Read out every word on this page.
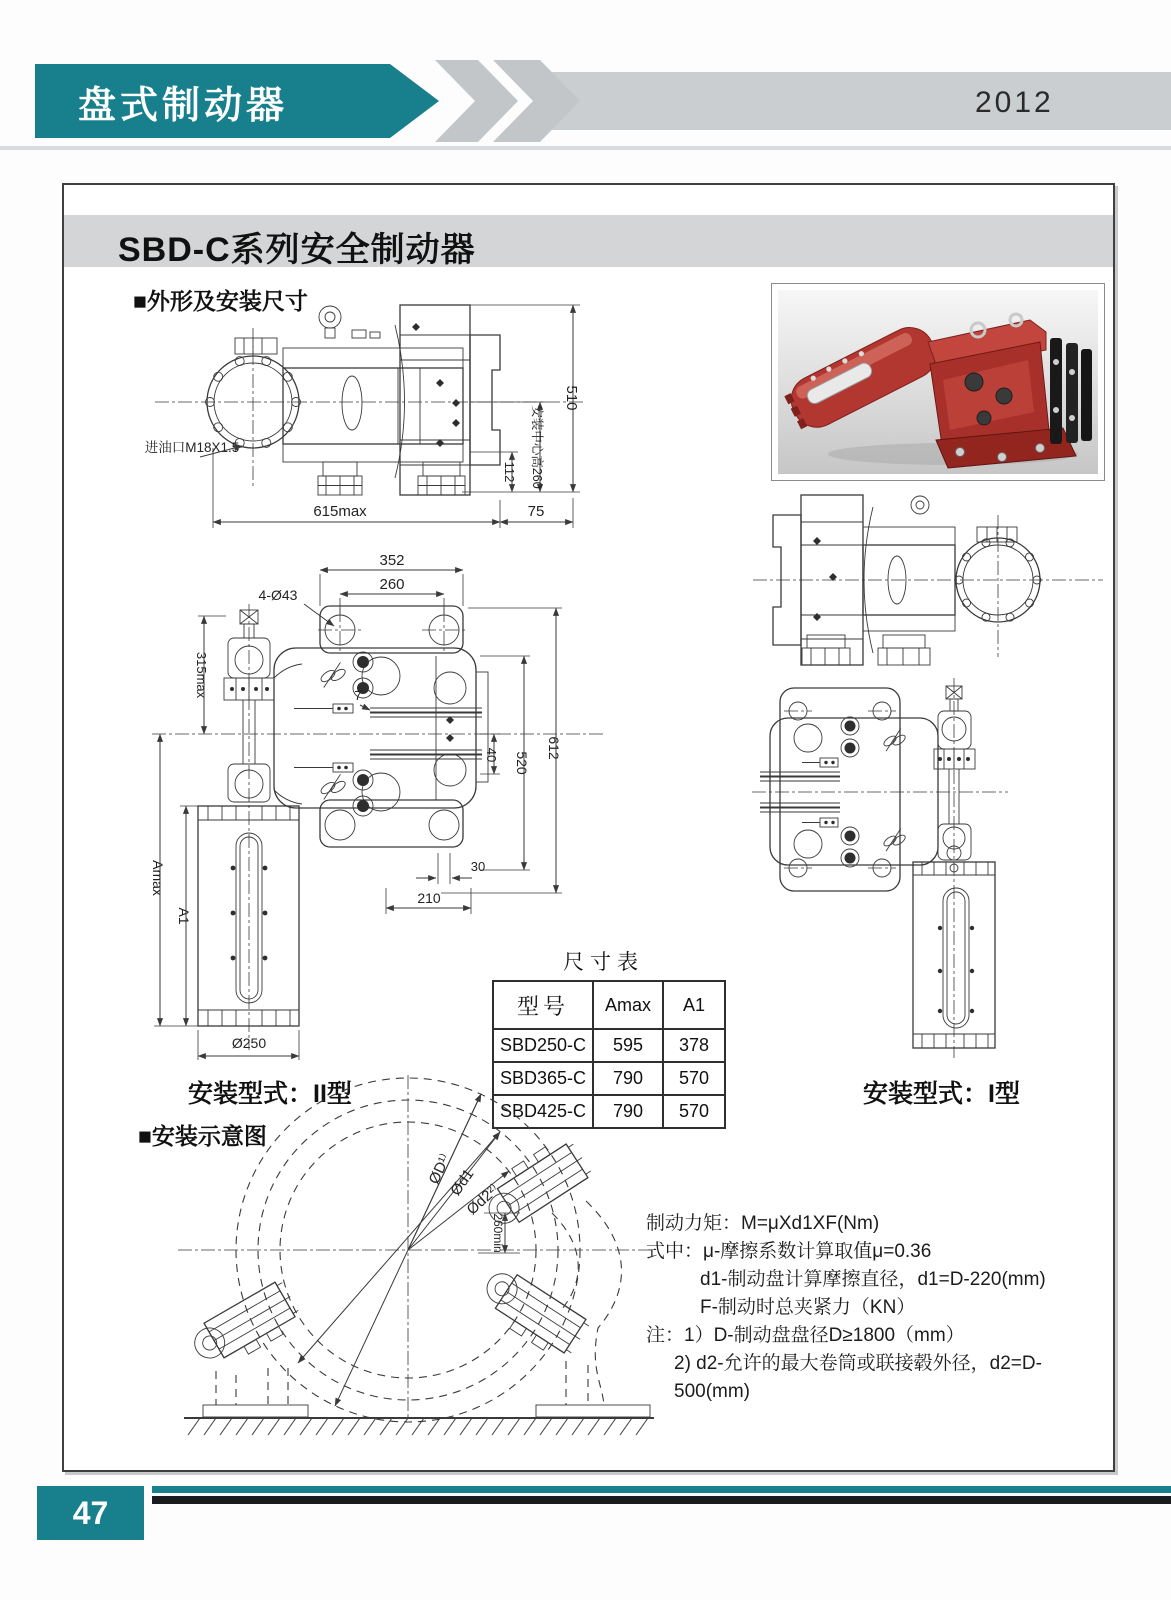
盘式制动器	2012
SBD-C系列安全制动器
■外形及安装尺寸
510
安装中心高260
112
615max	75
进油口M18X1.5
352
260
4-Ø43
7
315max
Amax
A1
40 520
612
30
210
Ø250
安装型式：II型
尺寸表
型号	Amax	A1
SBD250-C	595	378
SBD365-C	790	570
SBD425-C	790	570
安装型式：I型
■安装示意图
ØD¹⁾
Ød1
Ød2²⁾
260min	制动力矩：M=μXd1XF(Nm)
式中：μ-摩擦系数计算取值μ=0.36
d1-制动盘计算摩擦直径，d1=D-220(mm)
F-制动时总夹紧力（KN）
注：1）D-制动盘盘径D≥1800（mm）
2) d2-允许的最大卷筒或联接毂外径，d2=D-500(mm)
47
